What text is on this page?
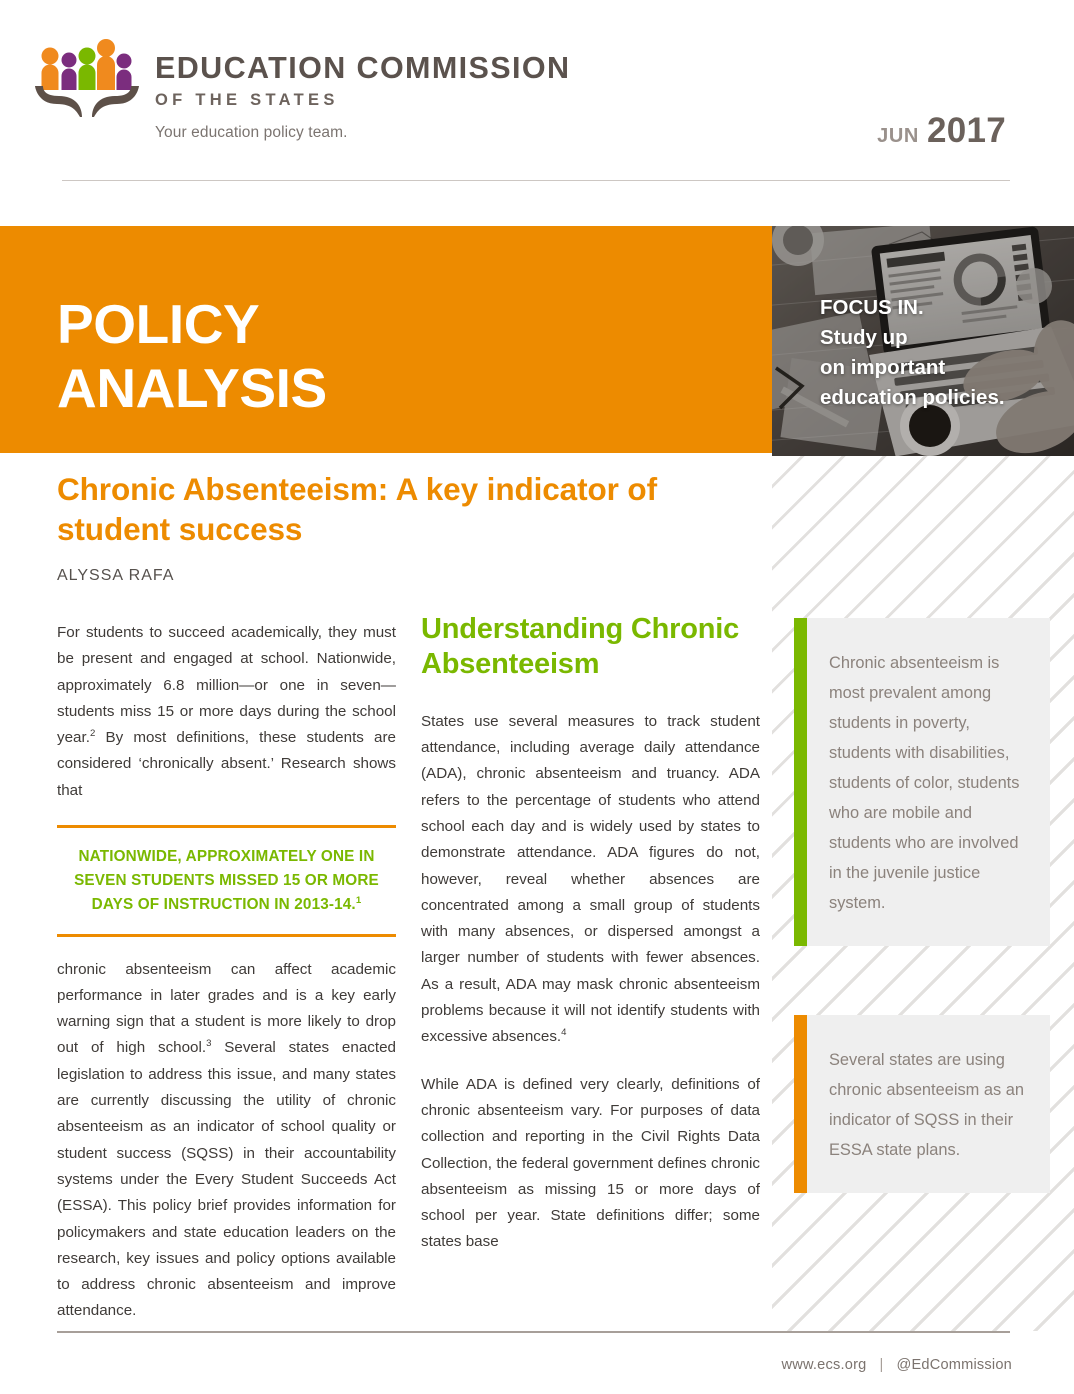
EDUCATION COMMISSION
OF THE STATES
Your education policy team.	JUN 2017
POLICY
ANALYSIS
FOCUS IN.
Study up
on important
education policies.
Chronic Absenteeism: A key indicator of student success
ALYSSA RAFA

For students to succeed academically, they must be present and engaged at school. Nationwide, approximately 6.8 million—or one in seven—students miss 15 or more days during the school year.$^2$ By most definitions, these students are considered ‘chronically absent.’ Research shows that

NATIONWIDE, APPROXIMATELY ONE IN SEVEN STUDENTS MISSED 15 OR MORE DAYS OF INSTRUCTION IN 2013-14.$^1$

chronic absenteeism can affect academic performance in later grades and is a key early warning sign that a student is more likely to drop out of high school.$^3$ Several states enacted legislation to address this issue, and many states are currently discussing the utility of chronic absenteeism as an indicator of school quality or student success (SQSS) in their accountability systems under the Every Student Succeeds Act (ESSA). This policy brief provides information for policymakers and state education leaders on the research, key issues and policy options available to address chronic absenteeism and improve attendance.

Understanding Chronic Absenteeism

States use several measures to track student attendance, including average daily attendance (ADA), chronic absenteeism and truancy. ADA refers to the percentage of students who attend school each day and is widely used by states to demonstrate attendance. ADA figures do not, however, reveal whether absences are concentrated among a small group of students with many absences, or dispersed amongst a larger number of students with fewer absences. As a result, ADA may mask chronic absenteeism problems because it will not identify students with excessive absences.$^4$

While ADA is defined very clearly, definitions of chronic absenteeism vary. For purposes of data collection and reporting in the Civil Rights Data Collection, the federal government defines chronic absenteeism as missing 15 or more days of school per year. State definitions differ; some states base

Chronic absenteeism is most prevalent among students in poverty, students with disabilities, students of color, students who are mobile and students who are involved in the juvenile justice system.
Several states are using chronic absenteeism as an indicator of SQSS in their ESSA state plans.
www.ecs.org | @EdCommission
